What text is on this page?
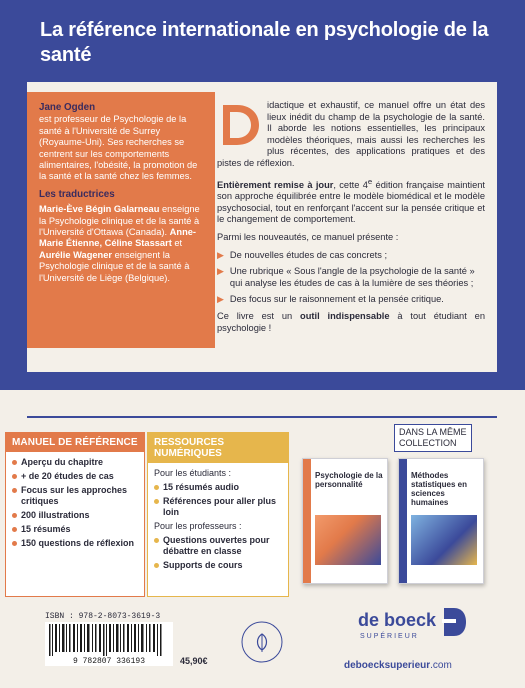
La référence internationale en psychologie de la santé
Jane Ogden
est professeur de Psychologie de la santé à l'Université de Surrey (Royaume-Uni). Ses recherches se centrent sur les comportements alimentaires, l'obésité, la promotion de la santé et la santé chez les femmes.
Les traductrices
Marie-Ève Bégin Galarneau enseigne la Psychologie clinique et de la santé à l'Université d'Ottawa (Canada). Anne-Marie Étienne, Céline Stassart et Aurélie Wagener enseignent la Psychologie clinique et de la santé à l'Université de Liège (Belgique).

idactique et exhaustif, ce manuel offre un état des lieux inédit du champ de la psychologie de la santé. Il aborde les notions essentielles, les principaux modèles théoriques, mais aussi les recherches les plus récentes, des applications pratiques et des pistes de réflexion.

Entièrement remise à jour, cette 4e édition française maintient son approche équilibrée entre le modèle biomédical et le modèle psychosocial, tout en renforçant l'accent sur la pensée critique et le changement de comportement.

Parmi les nouveautés, ce manuel présente :

▶ De nouvelles études de cas concrets ;
▶ Une rubrique « Sous l'angle de la psychologie de la santé » qui analyse les études de cas à la lumière de ses théories ;
▶ Des focus sur le raisonnement et la pensée critique.

Ce livre est un outil indispensable à tout étudiant en psychologie !

MANUEL DE RÉFÉRENCE
Aperçu du chapitre
+ de 20 études de cas
Focus sur les approches critiques
200 illustrations
15 résumés
150 questions de réflexion
RESSOURCES NUMÉRIQUES
Pour les étudiants :
15 résumés audio
Références pour aller plus loin
Pour les professeurs :
Questions ouvertes pour débattre en classe
Supports de cours
DANS LA MÊME
COLLECTION
Psychologie de la personnalité
Méthodes statistiques en sciences humaines
ISBN : 978-2-8073-3619-3
9 782807 336193	45,90€
de boeck
SUPÉRIEUR
deboecksuperieur.com
